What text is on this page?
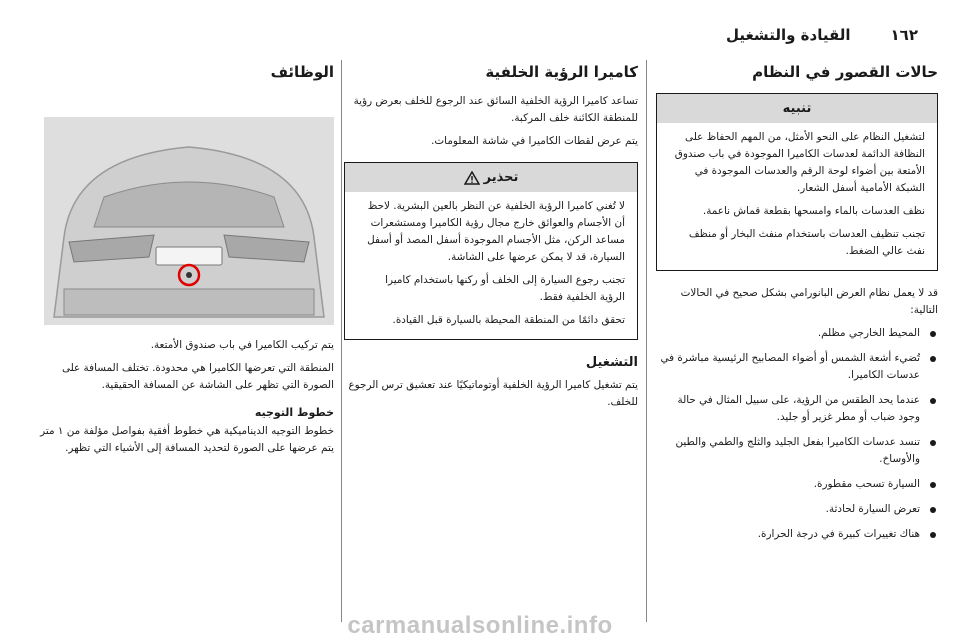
١٦٢
القيادة والتشغيل
حالات القصور في النظام
تنبيه

لتشغيل النظام على النحو الأمثل، من المهم الحفاظ على النظافة الدائمة لعدسات الكاميرا الموجودة في باب صندوق الأمتعة بين أضواء لوحة الرقم والعدسات الموجودة في الشبكة الأمامية أسفل الشعار.

نظف العدسات بالماء وامسحها بقطعة قماش ناعمة.

تجنب تنظيف العدسات باستخدام منفث البخار أو منظف نفث عالي الضغط.

قد لا يعمل نظام العرض البانورامي بشكل صحيح في الحالات التالية:

المحيط الخارجي مظلم.
تُضيء أشعة الشمس أو أضواء المصابيح الرئيسية مباشرة في عدسات الكاميرا.
عندما يحد الطقس من الرؤية، على سبيل المثال في حالة وجود ضباب أو مطر غزير أو جليد.
تنسد عدسات الكاميرا بفعل الجليد والثلج والطمي والطين والأوساخ.
السيارة تسحب مقطورة.
تعرض السيارة لحادثة.
هناك تغييرات كبيرة في درجة الحرارة.
كاميرا الرؤية الخلفية

تساعد كاميرا الرؤية الخلفية السائق عند الرجوع للخلف بعرض رؤية للمنطقة الكائنة خلف المركبة.

يتم عرض لقطات الكاميرا في شاشة المعلومات.

تحذير

لا تُغني كاميرا الرؤية الخلفية عن النظر بالعين البشرية. لاحظ أن الأجسام والعوائق خارج مجال رؤية الكاميرا ومستشعرات مساعد الركن، مثل الأجسام الموجودة أسفل المصد أو أسفل السيارة، قد لا يمكن عرضها على الشاشة.

تجنب رجوع السيارة إلى الخلف أو ركنها باستخدام كاميرا الرؤية الخلفية فقط.

تحقق دائمًا من المنطقة المحيطة بالسيارة قبل القيادة.

التشغيل

يتم تشغيل كاميرا الرؤية الخلفية أوتوماتيكيًا عند تعشيق ترس الرجوع للخلف.

الوظائف

يتم تركيب الكاميرا في باب صندوق الأمتعة.

المنطقة التي تعرضها الكاميرا هي محدودة. تختلف المسافة على الصورة التي تظهر على الشاشة عن المسافة الحقيقية.

خطوط التوجيه

خطوط التوجيه الديناميكية هي خطوط أفقية بفواصل مؤلفة من ١ متر يتم عرضها على الصورة لتحديد المسافة إلى الأشياء التي تظهر.

carmanualsonline.info
